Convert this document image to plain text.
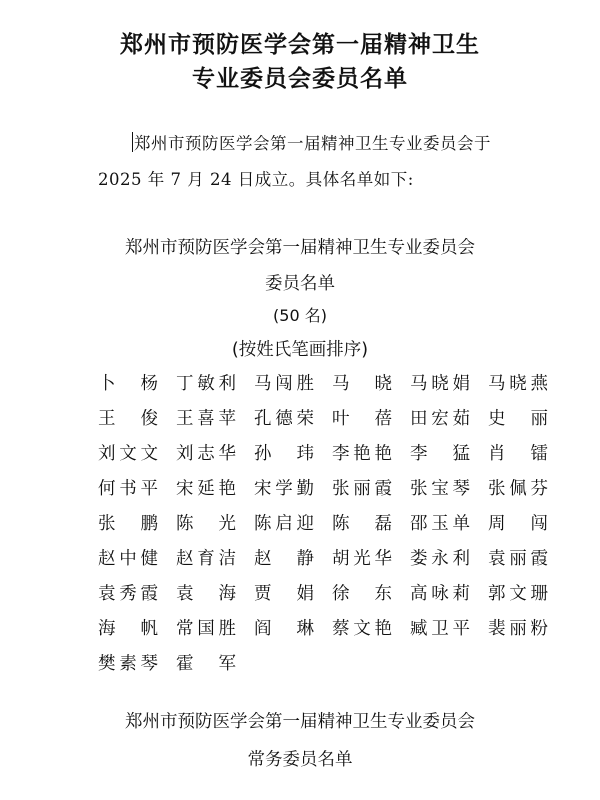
郑州市预防医学会第一届精神卫生
专业委员会委员名单
郑州市预防医学会第一届精神卫生专业委员会于
2025 年 7 月 24 日成立。具体名单如下:
郑州市预防医学会第一届精神卫生专业委员会
委员名单
(50 名)
(按姓氏笔画排序)
卜杨 丁敏利 马闯胜 马晓 马晓娟 马晓燕
王俊 王喜苹 孔德荣 叶蓓 田宏茹 史丽
刘文文 刘志华 孙玮 李艳艳 李猛 肖镭
何书平 宋延艳 宋学勤 张丽霞 张宝琴 张佩芬
张鹏 陈光 陈启迎 陈磊 邵玉单 周闯
赵中健 赵育洁 赵静 胡光华 娄永利 袁丽霞
袁秀霞 袁海 贾娟 徐东 高咏莉 郭文珊
海帆 常国胜 阎琳 蔡文艳 臧卫平 裴丽粉
樊素琴 霍军
郑州市预防医学会第一届精神卫生专业委员会
常务委员名单
